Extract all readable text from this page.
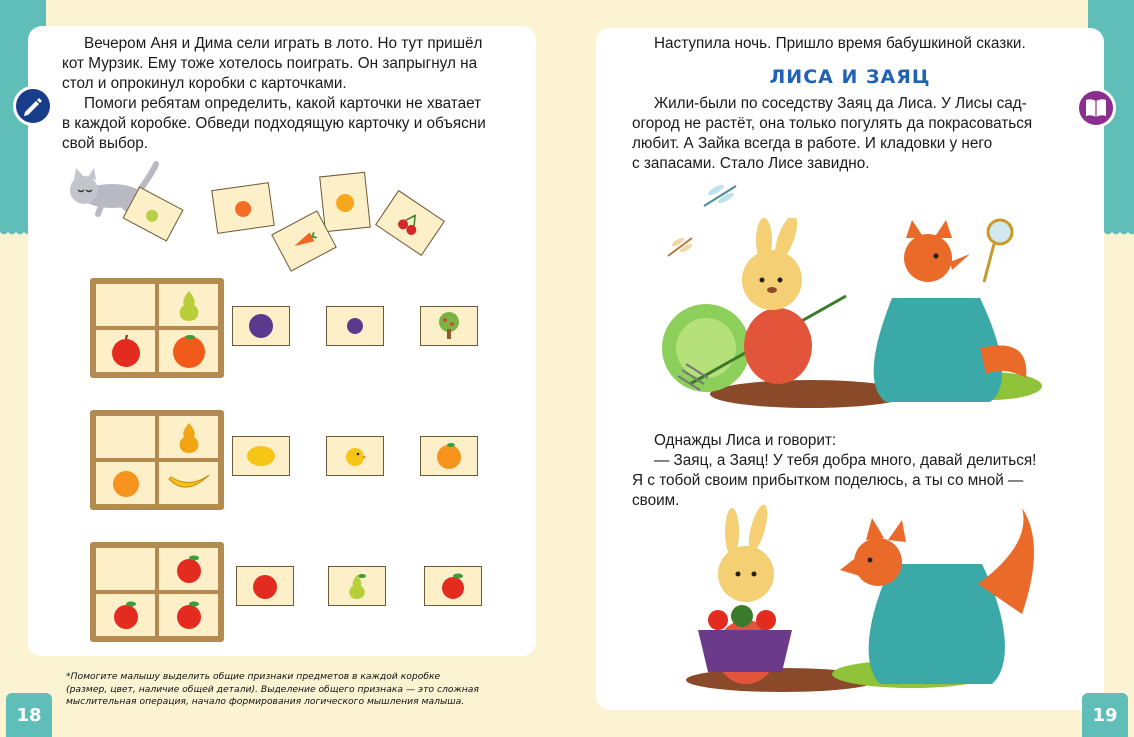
Вечером Аня и Дима сели играть в лото. Но тут пришёл

кот Мурзик. Ему тоже хотелось поиграть. Он запрыгнул на
стол и опрокинул коробки с карточками.

Помоги ребятам определить, какой карточки не хватает

в каждой коробке. Обведи подходящую карточку и объясни
свой выбор.
*Помогите малышу выделить общие признаки предметов в каждой коробке
(размер, цвет, наличие общей детали). Выделение общего признака — это сложная
мыслительная операция, начало формирования логического мышления малыша.
18	19
Наступила ночь. Пришло время бабушкиной сказки.
ЛИСА И ЗАЯЦ

Жили-были по соседству Заяц да Лиса. У Лисы сад-

огород не растёт, она только погулять да покрасоваться
любит. А Зайка всегда в работе. И кладовки у него
с запасами. Стало Лисе завидно.

Однажды Лиса и говорит:

— Заяц, а Заяц! У тебя добра много, давай делиться!

Я с тобой своим прибытком поделюсь, а ты со мной —
своим.
